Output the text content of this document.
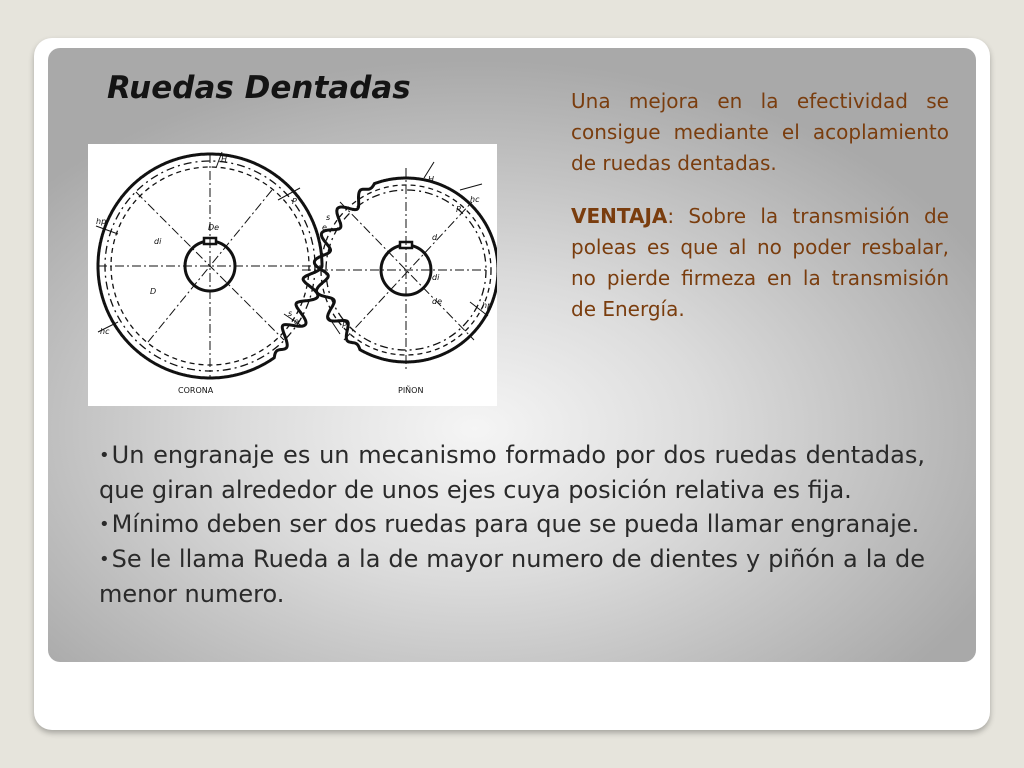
Ruedas Dentadas
H
hp
P
di
De
D
hc
s
e
CORONA
H
s
e
hc
P
d
di
de	hp
P
PIÑON

Una mejora en la efectividad se consigue mediante el acoplamiento de ruedas dentadas.

VENTAJA: Sobre la transmisión de poleas es que al no poder resbalar, no pierde firmeza en la transmisión de Energía.

•Un engranaje es un mecanismo formado por dos ruedas dentadas, que giran alrededor de unos ejes cuya posición relativa es fija.

•Mínimo deben ser dos ruedas para que se pueda llamar engranaje.

•Se le llama Rueda a la de mayor numero de dientes y piñón a la de menor numero.
